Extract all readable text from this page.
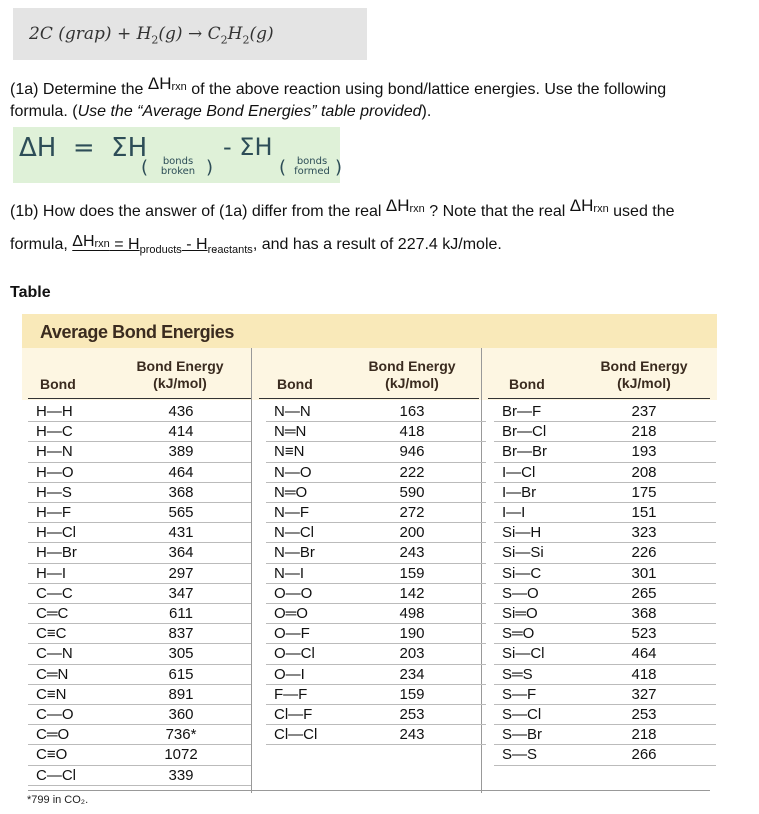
2C (grap) + $H_2(g) \to C_2H_2(g)$
(1a) Determine the $\Delta H_{rxn}$ of the above reaction using bond/lattice energies. Use the following
formula. (Use the “Average Bond Energies” table provided).
ΔH  =  ΣH
(	bonds
broken )
- ΣH
(	bonds
formed )
(1b) How does the answer of (1a) differ from the real $\Delta H_{rxn}$ ? Note that the real $\Delta H_{rxn}$ used the
formula, $\Delta H_{rxn} = H_{products} - H_{reactants}$, and has a result of 227.4 kJ/mole.
Table
Average Bond Energies
Bond
Bond Energy
(kJ/mol)	Bond
Bond Energy
(kJ/mol)	Bond
Bond Energy
(kJ/mol)
H—H	436
H—C	414
H—N	389
H—O	464
H—S	368
H—F	565
H—Cl	431
H—Br	364
H—I	297
C—C	347
C═C	611
C≡C	837
C—N	305
C═N	615
C≡N	891
C—O	360
C═O	736*
C≡O	1072
C—Cl	339
N—N	163
N═N	418
N≡N	946
N—O	222
N═O	590
N—F	272
N—Cl	200
N—Br	243
N—I	159
O—O	142
O═O	498
O—F	190
O—Cl	203
O—I	234
F—F	159
Cl—F	253
Cl—Cl	243
Br—F	237
Br—Cl	218
Br—Br	193
I—Cl	208
I—Br	175
I—I	151
Si—H	323
Si—Si	226
Si—C	301
S—O	265
Si═O	368
S═O	523
Si—Cl	464
S═S	418
S—F	327
S—Cl	253
S—Br	218
S—S	266
*799 in CO₂.
